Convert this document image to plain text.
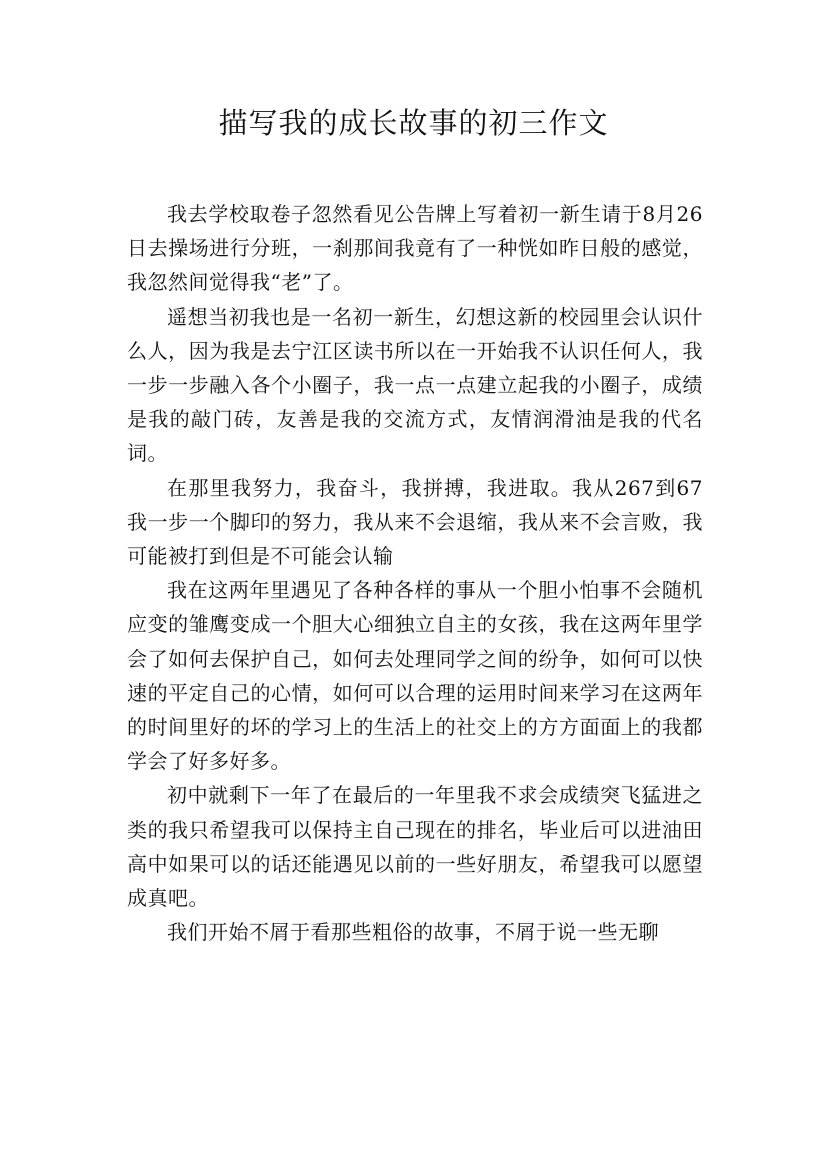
描写我的成长故事的初三作文

我去学校取卷子忽然看见公告牌上写着初一新生请于8月26日去操场进行分班，一刹那间我竟有了一种恍如昨日般的感觉，我忽然间觉得我“老”了。

遥想当初我也是一名初一新生，幻想这新的校园里会认识什么人，因为我是去宁江区读书所以在一开始我不认识任何人，我一步一步融入各个小圈子，我一点一点建立起我的小圈子，成绩是我的敲门砖，友善是我的交流方式，友情润滑油是我的代名词。

在那里我努力，我奋斗，我拼搏，我进取。我从267到67我一步一个脚印的努力，我从来不会退缩，我从来不会言败，我可能被打到但是不可能会认输

我在这两年里遇见了各种各样的事从一个胆小怕事不会随机应变的雏鹰变成一个胆大心细独立自主的女孩，我在这两年里学会了如何去保护自己，如何去处理同学之间的纷争，如何可以快速的平定自己的心情，如何可以合理的运用时间来学习在这两年的时间里好的坏的学习上的生活上的社交上的方方面面上的我都学会了好多好多。

初中就剩下一年了在最后的一年里我不求会成绩突飞猛进之类的我只希望我可以保持主自己现在的排名，毕业后可以进油田高中如果可以的话还能遇见以前的一些好朋友，希望我可以愿望成真吧。

我们开始不屑于看那些粗俗的故事，不屑于说一些无聊
